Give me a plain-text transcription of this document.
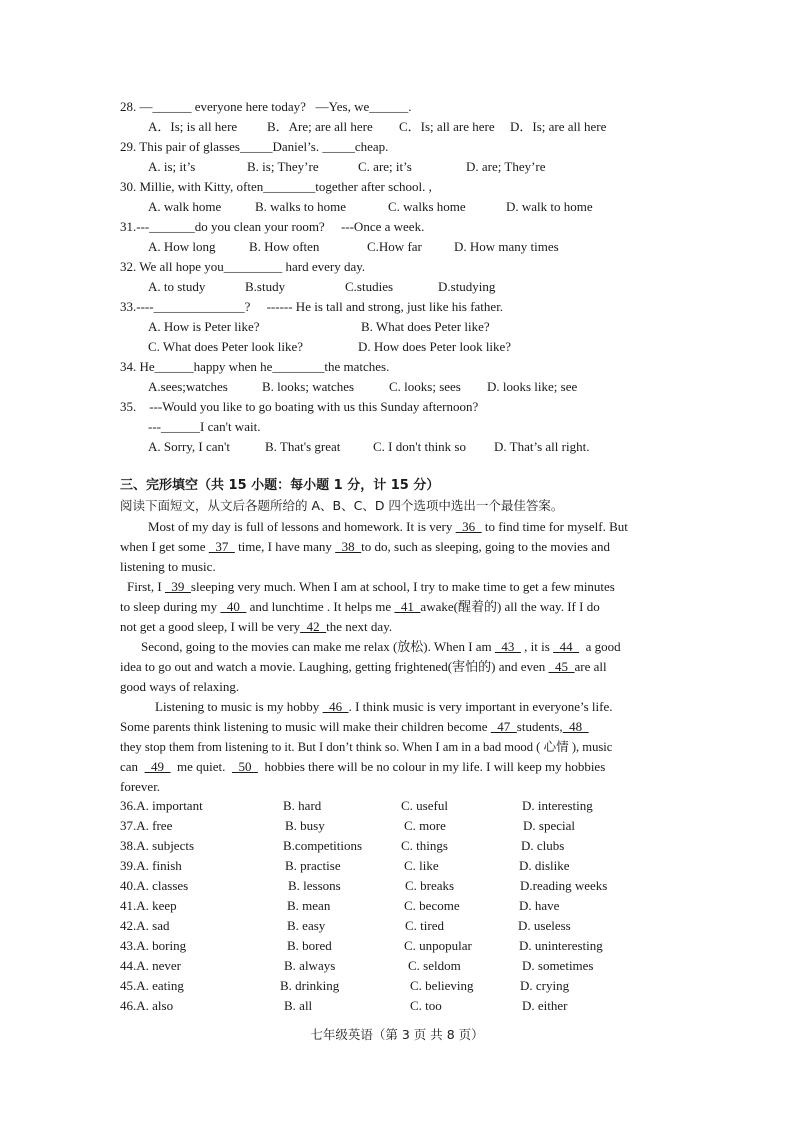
28. —______ everyone here today?   —Yes, we______.
A．Is; is all here B．Are; are all here C．Is; all are here D．Is; are all here
29. This pair of glasses_____Daniel’s. _____cheap.
A. is; it’s	B. is; They’re	C. are; it’s	D. are; They’re
30. Millie, with Kitty, often________together after school. ,
A. walk home	B. walks to home	C. walks home	D. walk to home
31.---_______do you clean your room?     ---Once a week.
A. How long	B. How often	C.How far D. How many times
32. We all hope you_________ hard every day.
A. to study	B.study	C.studies	D.studying
33.----______________?     ------ He is tall and strong, just like his father.
A. How is Peter like?	B. What does Peter like?
C. What does Peter look like?	D. How does Peter look like?
34. He______happy when he________the matches.
A.sees;watches	B. looks; watches	C. looks; sees D. looks like; see
35.    ---Would you like to go boating with us this Sunday afternoon?
---______I can't wait.
A. Sorry, I can't	B. That's great	C. I don't think so D. That’s all right.
三、完形填空（共 15 小题：每小题 1 分，计 15 分）
阅读下面短文，从文后各题所给的 A、B、C、D 四个选项中选出一个最佳答案。
Most of my day is full of lessons and homework. It is very   36   to find time for myself. But
when I get some   37   time, I have many   38  to do, such as sleeping, going to the movies and
listening to music.
First, I   39  sleeping very much. When I am at school, I try to make time to get a few minutes
to sleep during my   40   and lunchtime . It helps me   41  awake(醒着的) all the way. If I do
not get a good sleep, I will be very  42  the next day.
Second, going to the movies can make me relax (放松). When I am   43   , it is   44    a good
idea to go out and watch a movie. Laughing, getting frightened(害怕的) and even   45  are all
good ways of relaxing.
Listening to music is my hobby   46  . I think music is very important in everyone’s life.
Some parents think listening to music will make their children become   47  students,  48
they stop them from listening to it. But I don’t think so. When I am in a bad mood ( 心情 ), music
can    49    me quiet.    50    hobbies there will be no colour in my life. I will keep my hobbies
forever.
36.A. important	B. hard	C. useful	D. interesting
37.A. free	B. busy	C. more	D. special
38.A. subjects	B.competitions	C. things	D. clubs
39.A. finish	B. practise	C. like	D. dislike
40.A. classes	B. lessons	C. breaks	D.reading weeks
41.A. keep	B. mean	C. become	D. have
42.A. sad	B. easy	C. tired	D. useless
43.A. boring	B. bored	C. unpopular	D. uninteresting
44.A. never	B. always	C. seldom	D. sometimes
45.A. eating	B. drinking	C. believing	D. crying
46.A. also	B. all	C. too	D. either
七年级英语（第 3 页 共 8 页）
